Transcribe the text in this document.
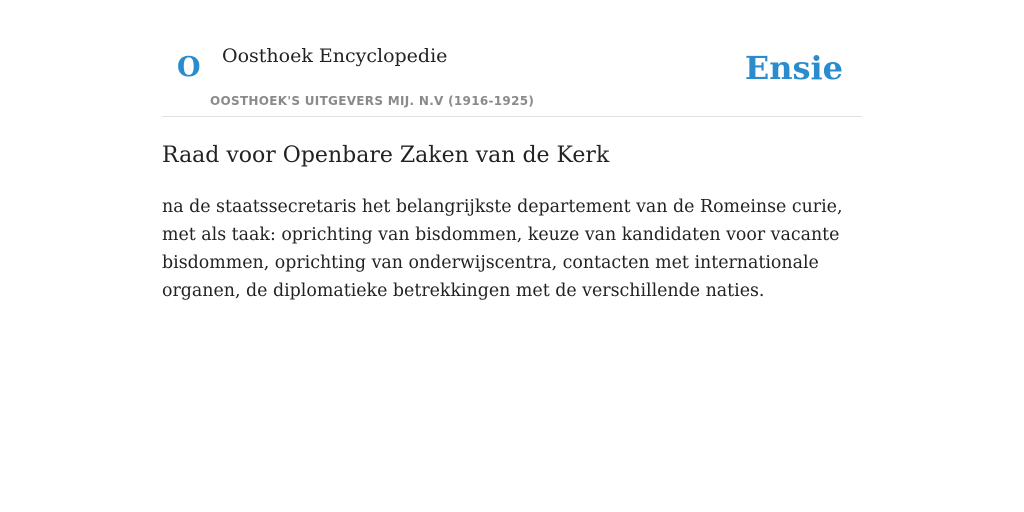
O Oosthoek Encyclopedie
OOSTHOEK'S UITGEVERS MIJ. N.V (1916-1925)
Ensie
Raad voor Openbare Zaken van de Kerk

na de staatssecretaris het belangrijkste departement van de Romeinse curie, met als taak: oprichting van bisdommen, keuze van kandidaten voor vacante bisdommen, oprichting van onderwijscentra, contacten met internationale organen, de diplomatieke betrekkingen met de verschillende naties.
